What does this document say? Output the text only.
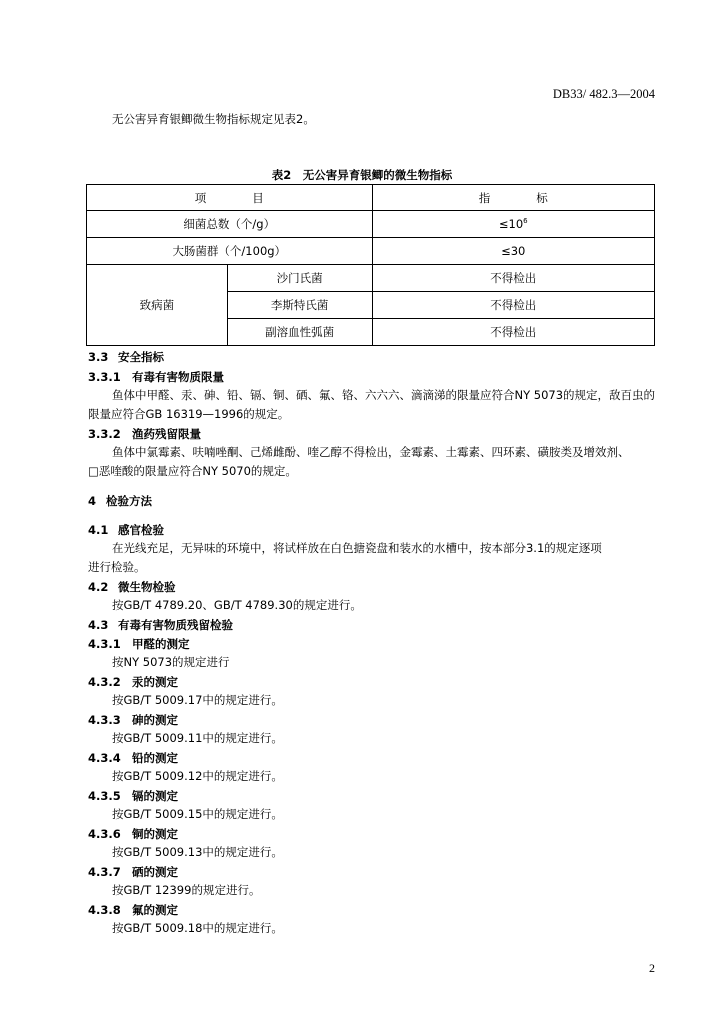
DB33/ 482.3—2004
无公害异育银鲫微生物指标规定见表2。
表2　无公害异育银鲫的微生物指标
项　　　　目		指　　　　标
细菌总数（个/g）		$\le 10^6$
大肠菌群（个/100g）		≤30
致病菌	沙门氏菌	不得检出
	李斯特氏菌	不得检出
	副溶血性弧菌	不得检出
3.3 安全指标
3.3.1 有毒有害物质限量
鱼体中甲醛、汞、砷、铅、镉、铜、硒、氟、铬、六六六、滴滴涕的限量应符合NY 5073的规定，敌百虫的
限量应符合GB 16319—1996的规定。
3.3.2 渔药残留限量
鱼体中氯霉素、呋喃唑酮、己烯雌酚、喹乙醇不得检出，金霉素、土霉素、四环素、磺胺类及增效剂、
□恶喹酸的限量应符合NY 5070的规定。
4 检验方法
4.1 感官检验
在光线充足，无异味的环境中，将试样放在白色搪瓷盘和装水的水槽中，按本部分3.1的规定逐项
进行检验。
4.2 微生物检验
按GB/T 4789.20、GB/T 4789.30的规定进行。
4.3 有毒有害物质残留检验
4.3.1 甲醛的测定
按NY 5073的规定进行
4.3.2 汞的测定
按GB/T 5009.17中的规定进行。
4.3.3 砷的测定
按GB/T 5009.11中的规定进行。
4.3.4 铅的测定
按GB/T 5009.12中的规定进行。
4.3.5 镉的测定
按GB/T 5009.15中的规定进行。
4.3.6 铜的测定
按GB/T 5009.13中的规定进行。
4.3.7 硒的测定
按GB/T 12399的规定进行。
4.3.8 氟的测定
按GB/T 5009.18中的规定进行。
2
